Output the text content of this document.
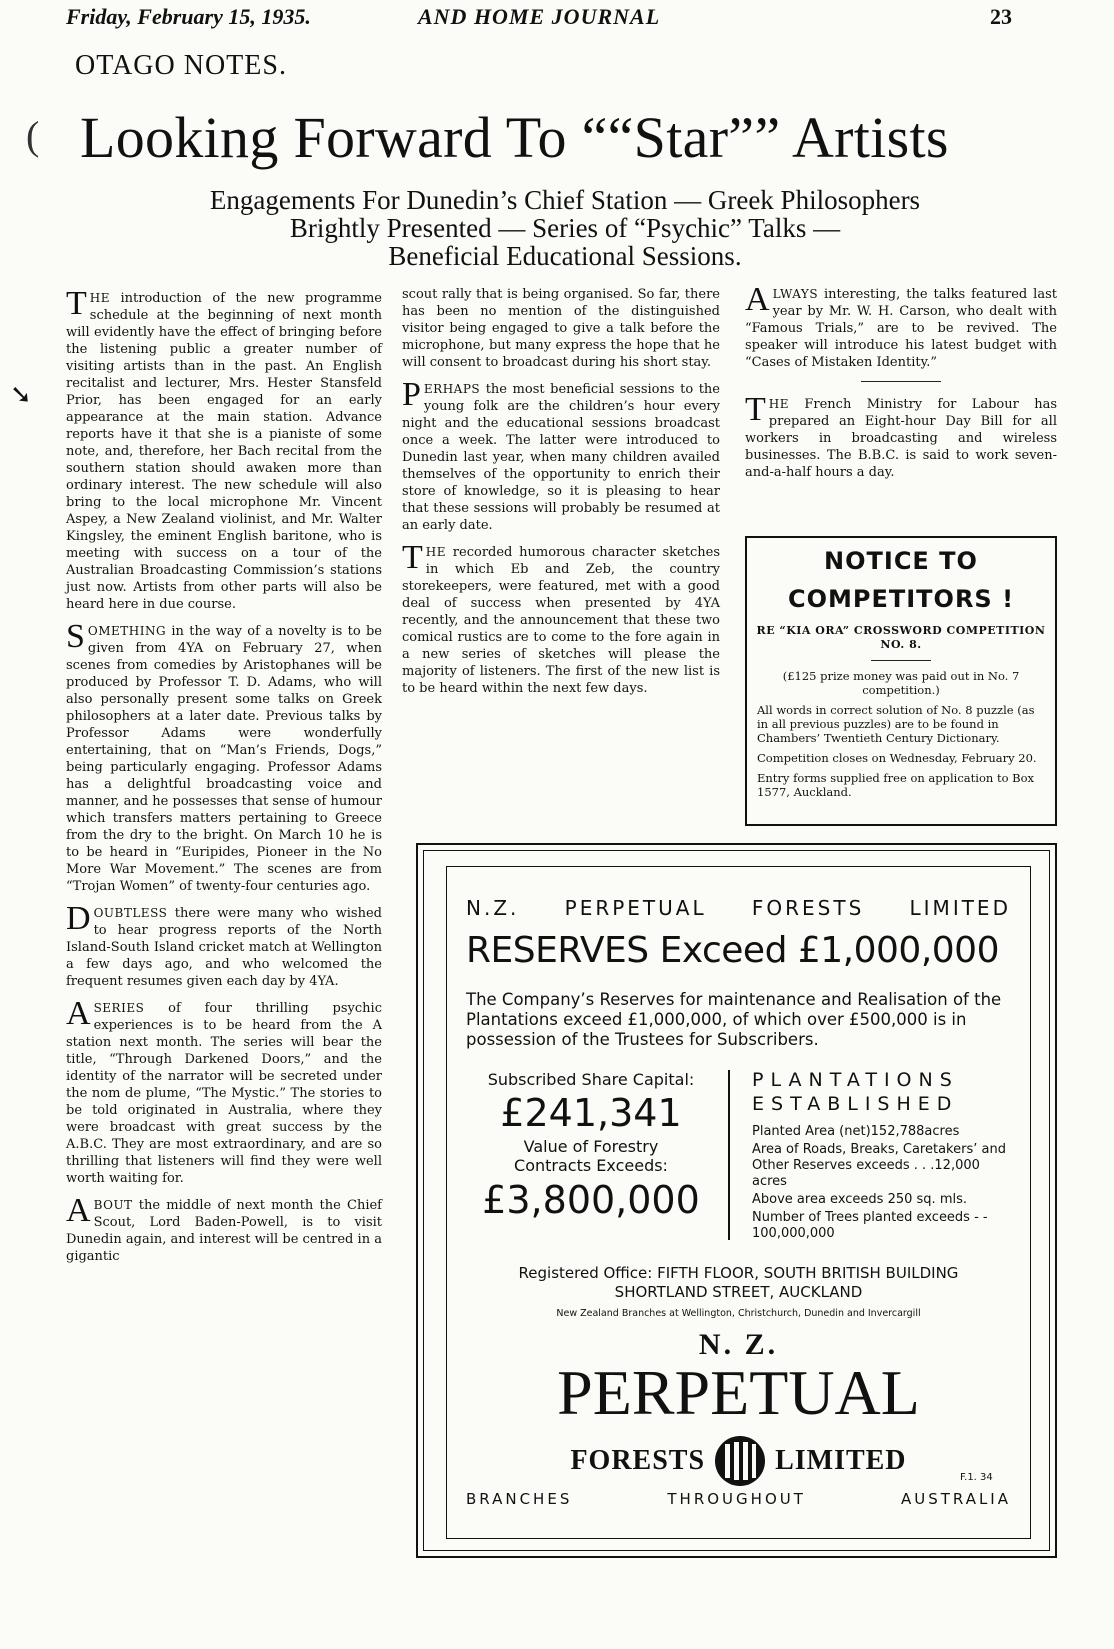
Friday, February 15, 1935.	AND HOME JOURNAL	23
OTAGO NOTES.
Looking Forward To ““Star”” Artists
Engagements For Dunedin’s Chief Station — Greek Philosophers
Brightly Presented — Series of “Psychic” Talks —
Beneficial Educational Sessions.
(
➘

THE introduction of the new programme schedule at the beginning of next month will evidently have the effect of bringing before the listening public a greater number of visiting artists than in the past. An English recitalist and lecturer, Mrs. Hester Stansfeld Prior, has been engaged for an early appearance at the main station. Advance reports have it that she is a pianiste of some note, and, therefore, her Bach recital from the southern station should awaken more than ordinary interest. The new schedule will also bring to the local microphone Mr. Vincent Aspey, a New Zealand violinist, and Mr. Walter Kingsley, the eminent English baritone, who is meeting with success on a tour of the Australian Broadcasting Commission’s stations just now. Artists from other parts will also be heard here in due course.

SOMETHING in the way of a novelty is to be given from 4YA on February 27, when scenes from comedies by Aristophanes will be produced by Professor T. D. Adams, who will also personally present some talks on Greek philosophers at a later date. Previous talks by Professor Adams were wonderfully entertaining, that on “Man’s Friends, Dogs,” being particularly engaging. Professor Adams has a delightful broadcasting voice and manner, and he possesses that sense of humour which transfers matters pertaining to Greece from the dry to the bright. On March 10 he is to be heard in “Euripides, Pioneer in the No More War Movement.” The scenes are from “Trojan Women” of twenty-four centuries ago.

DOUBTLESS there were many who wished to hear progress reports of the North Island-South Island cricket match at Wellington a few days ago, and who welcomed the frequent resumes given each day by 4YA.

ASERIES of four thrilling psychic experiences is to be heard from the A station next month. The series will bear the title, “Through Darkened Doors,” and the identity of the narrator will be secreted under the nom de plume, “The Mystic.” The stories to be told originated in Australia, where they were broadcast with great success by the A.B.C. They are most extraordinary, and are so thrilling that listeners will find they were well worth waiting for.

ABOUT the middle of next month the Chief Scout, Lord Baden-Powell, is to visit Dunedin again, and interest will be centred in a gigantic

scout rally that is being organised. So far, there has been no mention of the distinguished visitor being engaged to give a talk before the microphone, but many express the hope that he will consent to broadcast during his short stay.

PERHAPS the most beneficial sessions to the young folk are the children’s hour every night and the educational sessions broadcast once a week. The latter were introduced to Dunedin last year, when many children availed themselves of the opportunity to enrich their store of knowledge, so it is pleasing to hear that these sessions will probably be resumed at an early date.

THE recorded humorous character sketches in which Eb and Zeb, the country storekeepers, were featured, met with a good deal of success when presented by 4YA recently, and the announcement that these two comical rustics are to come to the fore again in a new series of sketches will please the majority of listeners. The first of the new list is to be heard within the next few days.

ALWAYS interesting, the talks featured last year by Mr. W. H. Carson, who dealt with “Famous Trials,” are to be revived. The speaker will introduce his latest budget with “Cases of Mistaken Identity.”

THE French Ministry for Labour has prepared an Eight-hour Day Bill for all workers in broadcasting and wireless businesses. The B.B.C. is said to work seven-and-a-half hours a day.

NOTICE TO
COMPETITORS !
RE “KIA ORA” CROSSWORD COMPETITION NO. 8.
(£125 prize money was paid out in No. 7 competition.)
All words in correct solution of No. 8 puzzle (as in all previous puzzles) are to be found in Chambers’ Twentieth Century Dictionary.
Competition closes on Wednesday, February 20.
Entry forms supplied free on application to Box 1577, Auckland.
N.Z. PERPETUAL FORESTS LIMITED
RESERVES Exceed £1,000,000
The Company’s Reserves for maintenance and Realisation of the Plantations exceed £1,000,000, of which over £500,000 is in possession of the Trustees for Subscribers.
Subscribed Share Capital:
£241,341
Value of Forestry Contracts Exceeds:
£3,800,000
PLANTATIONS
ESTABLISHED
Planted Area (net)152,788acres
Area of Roads, Breaks, Caretakers’ and Other Reserves exceeds . . .12,000 acres
Above area exceeds 250 sq. mls.
Number of Trees planted exceeds - - 100,000,000
Registered Office: FIFTH FLOOR, SOUTH BRITISH BUILDING
SHORTLAND STREET, AUCKLAND
New Zealand Branches at Wellington, Christchurch, Dunedin and Invercargill
N. Z.
PERPETUAL
FORESTS	LIMITED
F.1. 34
BRANCHES	THROUGHOUT	AUSTRALIA
